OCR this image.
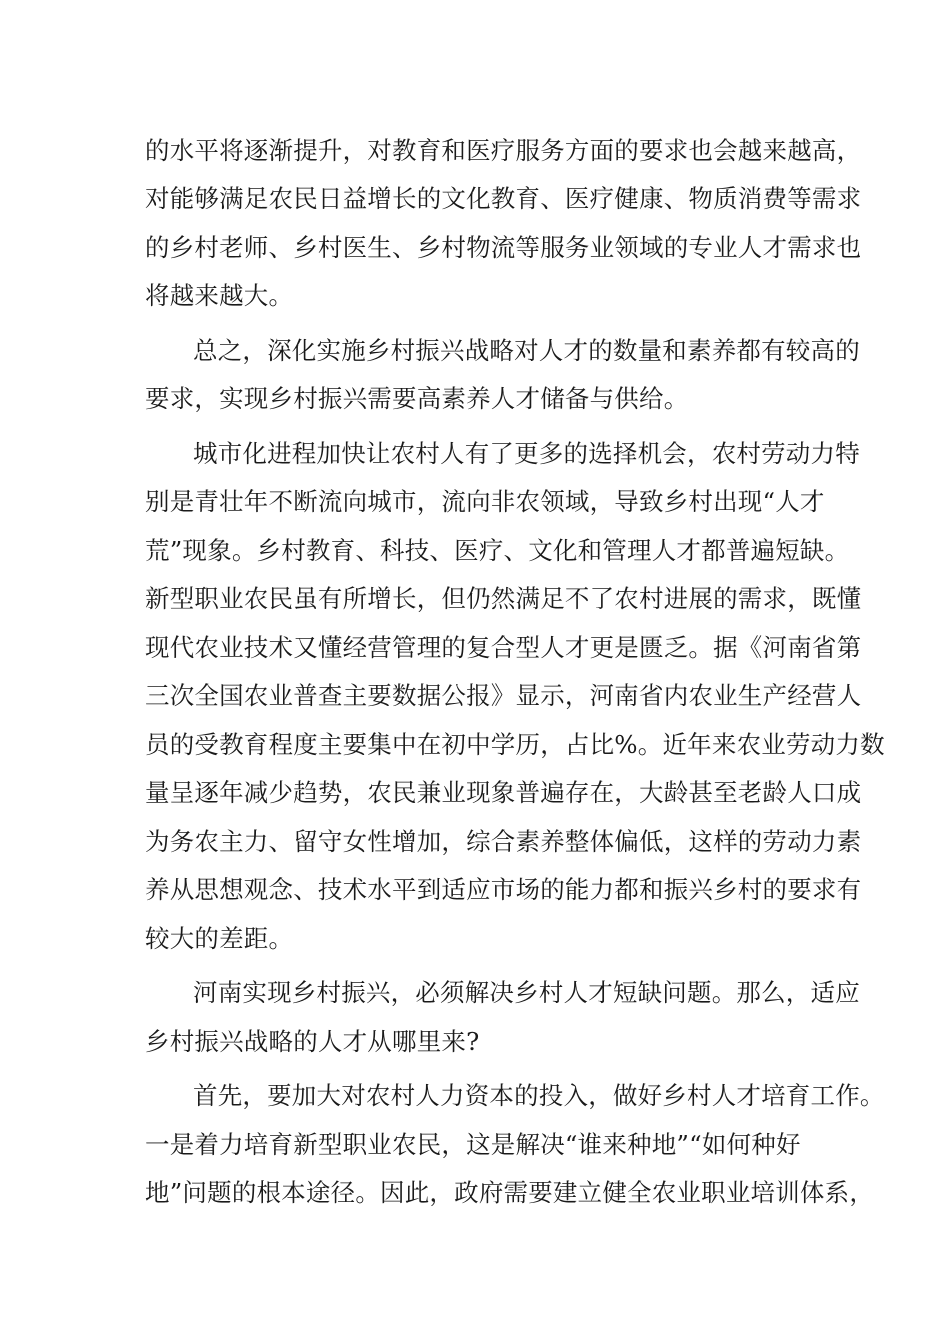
的水平将逐渐提升，对教育和医疗服务方面的要求也会越来越高，
对能够满足农民日益增长的文化教育、医疗健康、物质消费等需求
的乡村老师、乡村医生、乡村物流等服务业领域的专业人才需求也
将越来越大。
总之，深化实施乡村振兴战略对人才的数量和素养都有较高的
要求，实现乡村振兴需要高素养人才储备与供给。
城市化进程加快让农村人有了更多的选择机会，农村劳动力特
别是青壮年不断流向城市，流向非农领域，导致乡村出现“人才
荒”现象。乡村教育、科技、医疗、文化和管理人才都普遍短缺。
新型职业农民虽有所增长，但仍然满足不了农村进展的需求，既懂
现代农业技术又懂经营管理的复合型人才更是匮乏。据《河南省第
三次全国农业普查主要数据公报》显示，河南省内农业生产经营人
员的受教育程度主要集中在初中学历，占比%。近年来农业劳动力数
量呈逐年减少趋势，农民兼业现象普遍存在，大龄甚至老龄人口成
为务农主力、留守女性增加，综合素养整体偏低，这样的劳动力素
养从思想观念、技术水平到适应市场的能力都和振兴乡村的要求有
较大的差距。
河南实现乡村振兴，必须解决乡村人才短缺问题。那么，适应
乡村振兴战略的人才从哪里来?
首先，要加大对农村人力资本的投入，做好乡村人才培育工作。
一是着力培育新型职业农民，这是解决“谁来种地”“如何种好
地”问题的根本途径。因此，政府需要建立健全农业职业培训体系，
